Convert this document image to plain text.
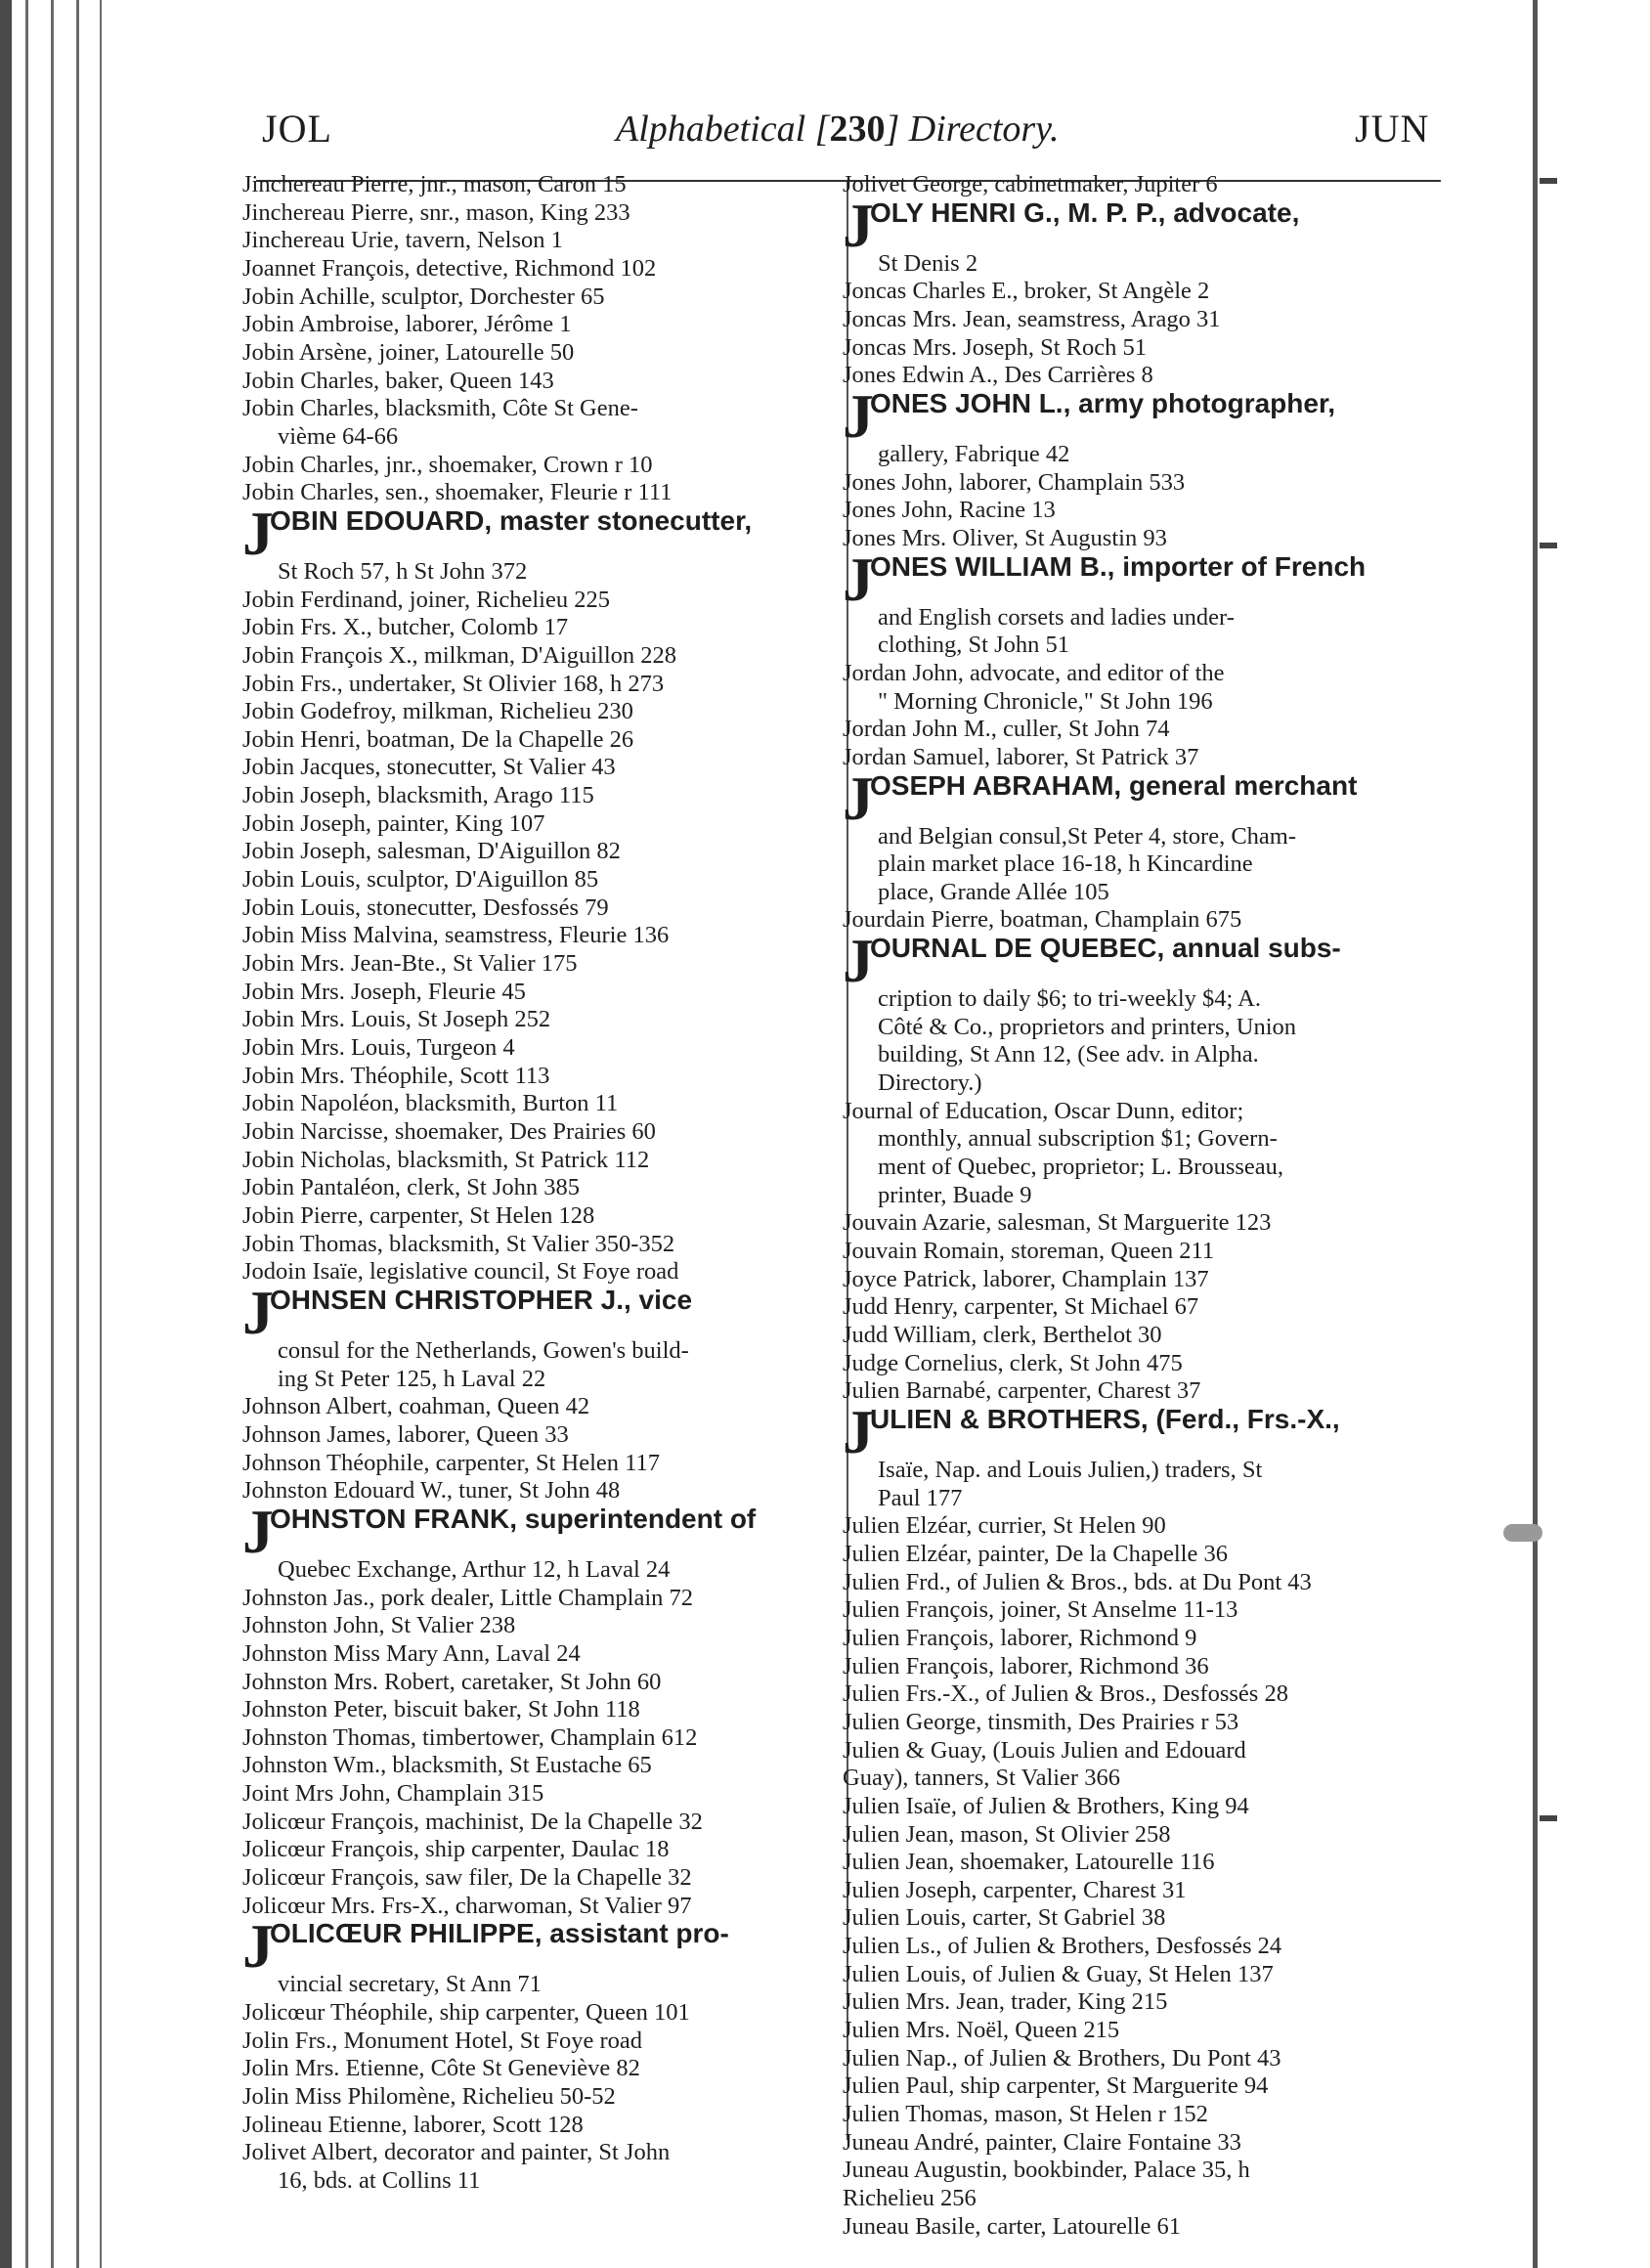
JOL	Alphabetical [230] Directory.	JUN
Jinchereau Pierre, jnr., mason, Caron 15
Jinchereau Pierre, snr., mason, King 233
Jinchereau Urie, tavern, Nelson 1
Joannet François, detective, Richmond 102
Jobin Achille, sculptor, Dorchester 65
Jobin Ambroise, laborer, Jérôme 1
Jobin Arsène, joiner, Latourelle 50
Jobin Charles, baker, Queen 143
Jobin Charles, blacksmith, Côte St Gene-
vième 64-66
Jobin Charles, jnr., shoemaker, Crown r 10
Jobin Charles, sen., shoemaker, Fleurie r 111
JOBIN EDOUARD, master stonecutter,
St Roch 57, h St John 372
Jobin Ferdinand, joiner, Richelieu 225
Jobin Frs. X., butcher, Colomb 17
Jobin François X., milkman, D'Aiguillon 228
Jobin Frs., undertaker, St Olivier 168, h 273
Jobin Godefroy, milkman, Richelieu 230
Jobin Henri, boatman, De la Chapelle 26
Jobin Jacques, stonecutter, St Valier 43
Jobin Joseph, blacksmith, Arago 115
Jobin Joseph, painter, King 107
Jobin Joseph, salesman, D'Aiguillon 82
Jobin Louis, sculptor, D'Aiguillon 85
Jobin Louis, stonecutter, Desfossés 79
Jobin Miss Malvina, seamstress, Fleurie 136
Jobin Mrs. Jean-Bte., St Valier 175
Jobin Mrs. Joseph, Fleurie 45
Jobin Mrs. Louis, St Joseph 252
Jobin Mrs. Louis, Turgeon 4
Jobin Mrs. Théophile, Scott 113
Jobin Napoléon, blacksmith, Burton 11
Jobin Narcisse, shoemaker, Des Prairies 60
Jobin Nicholas, blacksmith, St Patrick 112
Jobin Pantaléon, clerk, St John 385
Jobin Pierre, carpenter, St Helen 128
Jobin Thomas, blacksmith, St Valier 350-352
Jodoin Isaïe, legislative council, St Foye road
JOHNSEN CHRISTOPHER J., vice
consul for the Netherlands, Gowen's build-
ing St Peter 125, h Laval 22
Johnson Albert, coahman, Queen 42
Johnson James, laborer, Queen 33
Johnson Théophile, carpenter, St Helen 117
Johnston Edouard W., tuner, St John 48
JOHNSTON FRANK, superintendent of
Quebec Exchange, Arthur 12, h Laval 24
Johnston Jas., pork dealer, Little Champlain 72
Johnston John, St Valier 238
Johnston Miss Mary Ann, Laval 24
Johnston Mrs. Robert, caretaker, St John 60
Johnston Peter, biscuit baker, St John 118
Johnston Thomas, timbertower, Champlain 612
Johnston Wm., blacksmith, St Eustache 65
Joint Mrs John, Champlain 315
Jolicœur François, machinist, De la Chapelle 32
Jolicœur François, ship carpenter, Daulac 18
Jolicœur François, saw filer, De la Chapelle 32
Jolicœur Mrs. Frs-X., charwoman, St Valier 97
JOLICŒUR PHILIPPE, assistant pro-
vincial secretary, St Ann 71
Jolicœur Théophile, ship carpenter, Queen 101
Jolin Frs., Monument Hotel, St Foye road
Jolin Mrs. Etienne, Côte St Geneviève 82
Jolin Miss Philomène, Richelieu 50-52
Jolineau Etienne, laborer, Scott 128
Jolivet Albert, decorator and painter, St John
16, bds. at Collins 11
Jolivet George, cabinetmaker, Jupiter 6
JOLY HENRI G., M. P. P., advocate,
St Denis 2
Joncas Charles E., broker, St Angèle 2
Joncas Mrs. Jean, seamstress, Arago 31
Joncas Mrs. Joseph, St Roch 51
Jones Edwin A., Des Carrières 8
JONES JOHN L., army photographer,
gallery, Fabrique 42
Jones John, laborer, Champlain 533
Jones John, Racine 13
Jones Mrs. Oliver, St Augustin 93
JONES WILLIAM B., importer of French
and English corsets and ladies under-
clothing, St John 51
Jordan John, advocate, and editor of the
" Morning Chronicle," St John 196
Jordan John M., culler, St John 74
Jordan Samuel, laborer, St Patrick 37
JOSEPH ABRAHAM, general merchant
and Belgian consul,St Peter 4, store, Cham-
plain market place 16-18, h Kincardine
place, Grande Allée 105
Jourdain Pierre, boatman, Champlain 675
JOURNAL DE QUEBEC, annual subs-
cription to daily $6; to tri-weekly $4; A.
Côté & Co., proprietors and printers, Union
building, St Ann 12, (See adv. in Alpha.
Directory.)
Journal of Education, Oscar Dunn, editor;
monthly, annual subscription $1; Govern-
ment of Quebec, proprietor; L. Brousseau,
printer, Buade 9
Jouvain Azarie, salesman, St Marguerite 123
Jouvain Romain, storeman, Queen 211
Joyce Patrick, laborer, Champlain 137
Judd Henry, carpenter, St Michael 67
Judd William, clerk, Berthelot 30
Judge Cornelius, clerk, St John 475
Julien Barnabé, carpenter, Charest 37
JULIEN & BROTHERS, (Ferd., Frs.-X.,
Isaïe, Nap. and Louis Julien,) traders, St
Paul 177
Julien Elzéar, currier, St Helen 90
Julien Elzéar, painter, De la Chapelle 36
Julien Frd., of Julien & Bros., bds. at Du Pont 43
Julien François, joiner, St Anselme 11-13
Julien François, laborer, Richmond 9
Julien François, laborer, Richmond 36
Julien Frs.-X., of Julien & Bros., Desfossés 28
Julien George, tinsmith, Des Prairies r 53
Julien & Guay, (Louis Julien and Edouard
Guay), tanners, St Valier 366
Julien Isaïe, of Julien & Brothers, King 94
Julien Jean, mason, St Olivier 258
Julien Jean, shoemaker, Latourelle 116
Julien Joseph, carpenter, Charest 31
Julien Louis, carter, St Gabriel 38
Julien Ls., of Julien & Brothers, Desfossés 24
Julien Louis, of Julien & Guay, St Helen 137
Julien Mrs. Jean, trader, King 215
Julien Mrs. Noël, Queen 215
Julien Nap., of Julien & Brothers, Du Pont 43
Julien Paul, ship carpenter, St Marguerite 94
Julien Thomas, mason, St Helen r 152
Juneau André, painter, Claire Fontaine 33
Juneau Augustin, bookbinder, Palace 35, h
Richelieu 256
Juneau Basile, carter, Latourelle 61
